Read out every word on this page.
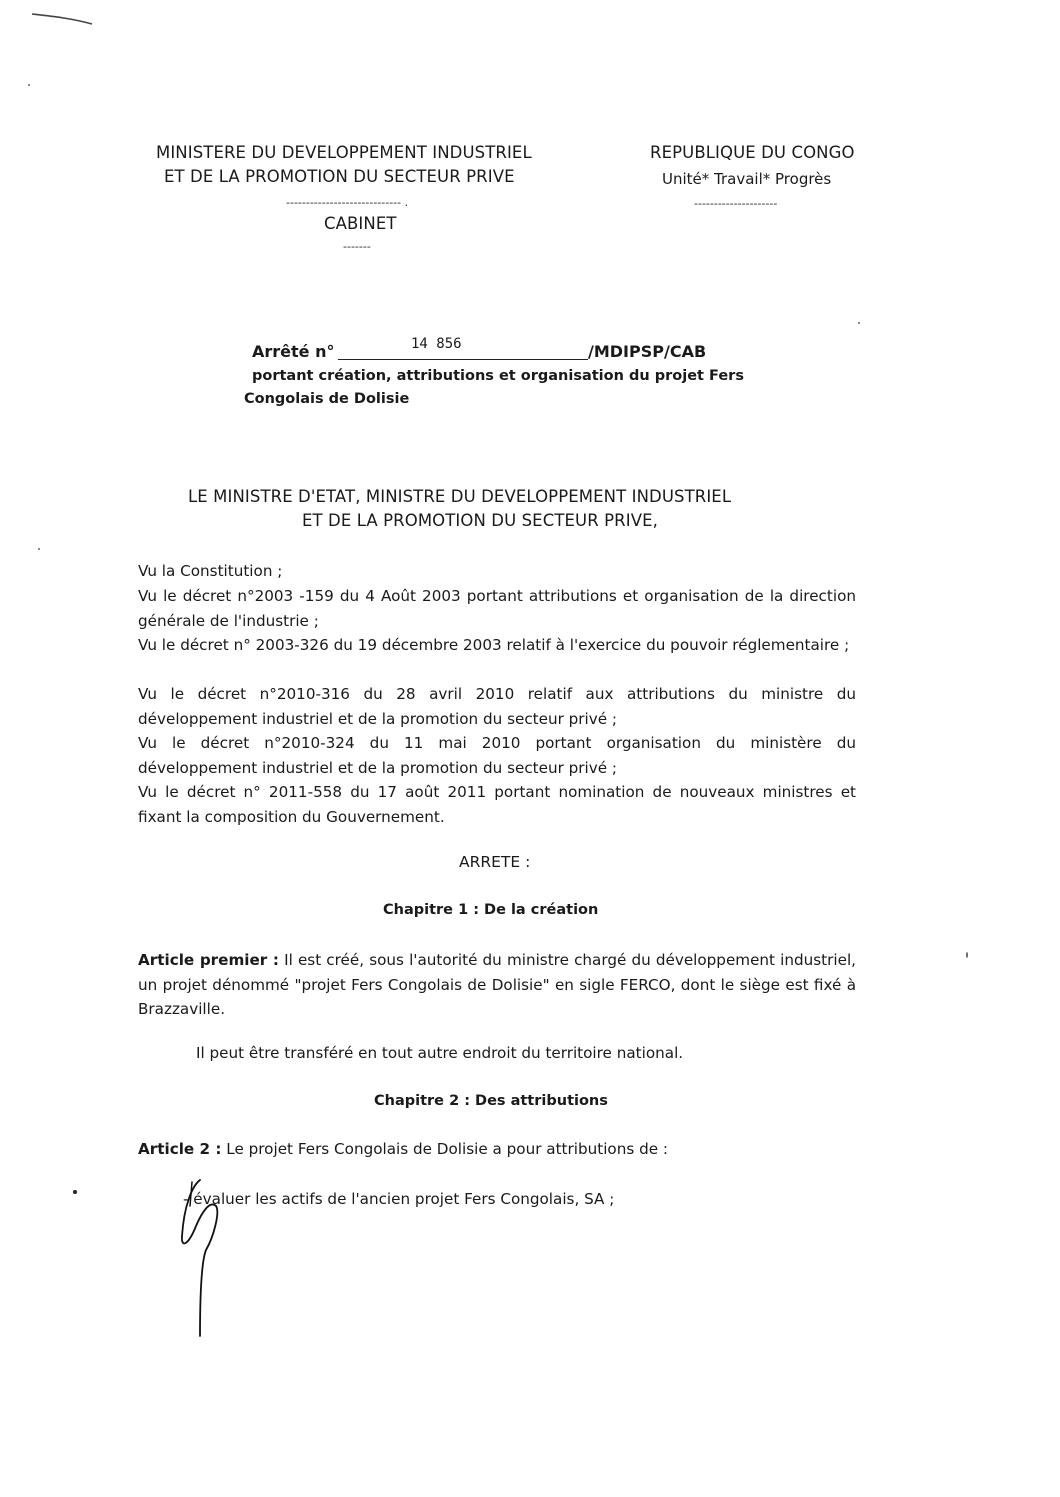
MINISTERE DU DEVELOPPEMENT INDUSTRIEL
ET DE LA PROMOTION DU SECTEUR PRIVE
----------------------------- .
CABINET
-------
REPUBLIQUE DU CONGO
Unité* Travail* Progrès
---------------------
Arrêté n°	14 856	/MDIPSP/CAB
portant création, attributions et organisation du projet Fers
Congolais de Dolisie
LE MINISTRE D'ETAT, MINISTRE DU DEVELOPPEMENT INDUSTRIEL
ET DE LA PROMOTION DU SECTEUR PRIVE,
Vu la Constitution ;
Vu le décret n°2003 -159 du 4 Août 2003 portant attributions et organisation de la direction générale de l'industrie ;
Vu le décret n° 2003-326 du 19 décembre 2003 relatif à l'exercice du pouvoir réglementaire ;
Vu le décret n°2010-316 du 28 avril 2010 relatif aux attributions du ministre du développement industriel et de la promotion du secteur privé ;
Vu le décret n°2010-324 du 11 mai 2010 portant organisation du ministère du développement industriel et de la promotion du secteur privé ;
Vu le décret n° 2011-558 du 17 août 2011 portant nomination de nouveaux ministres et fixant la composition du Gouvernement.
ARRETE :
Chapitre 1 : De la création
Article premier : Il est créé, sous l'autorité du ministre chargé du développement industriel, un projet dénommé "projet Fers Congolais de Dolisie" en sigle FERCO, dont le siège est fixé à Brazzaville.
Il peut être transféré en tout autre endroit du territoire national.
Chapitre 2 : Des attributions
Article 2 : Le projet Fers Congolais de Dolisie a pour attributions de :
- évaluer les actifs de l'ancien projet Fers Congolais, SA ;
